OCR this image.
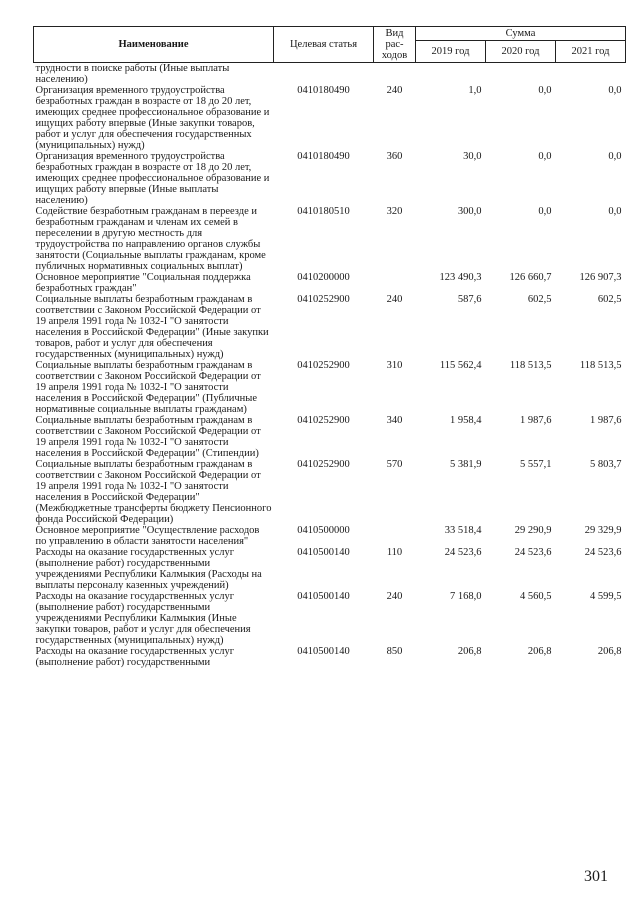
Наименование	Целевая статья	Вид
рас-
ходов	Сумма		
			2019 год	2020 год	2021 год
трудности в поиске работы (Иные выплаты населению)					
Организация временного трудоустройства безработных граждан в возрасте от 18 до 20 лет, имеющих среднее профессиональное образование и ищущих работу впервые (Иные закупки товаров, работ и услуг для обеспечения государственных (муниципальных) нужд)	0410180490	240	1,0	0,0	0,0
Организация временного трудоустройства безработных граждан в возрасте от 18 до 20 лет, имеющих среднее профессиональное образование и ищущих работу впервые (Иные выплаты населению)	0410180490	360	30,0	0,0	0,0
Содействие безработным гражданам в переезде и безработным гражданам и членам их семей в переселении в другую местность для трудоустройства по направлению органов службы занятости (Социальные выплаты гражданам, кроме публичных нормативных социальных выплат)	0410180510	320	300,0	0,0	0,0
Основное мероприятие "Социальная поддержка безработных граждан"	0410200000		123 490,3	126 660,7	126 907,3
Социальные выплаты безработным гражданам в соответствии с Законом Российской Федерации от 19 апреля 1991 года № 1032-I "О занятости населения в Российской Федерации" (Иные закупки товаров, работ и услуг для обеспечения государственных (муниципальных) нужд)	0410252900	240	587,6	602,5	602,5
Социальные выплаты безработным гражданам в соответствии с Законом Российской Федерации от 19 апреля 1991 года № 1032-I "О занятости населения в Российской Федерации" (Публичные нормативные социальные выплаты гражданам)	0410252900	310	115 562,4	118 513,5	118 513,5
Социальные выплаты безработным гражданам в соответствии с Законом Российской Федерации от 19 апреля 1991 года № 1032-I "О занятости населения в Российской Федерации" (Стипендии)	0410252900	340	1 958,4	1 987,6	1 987,6
Социальные выплаты безработным гражданам в соответствии с Законом Российской Федерации от 19 апреля 1991 года № 1032-I "О занятости населения в Российской Федерации" (Межбюджетные трансферты бюджету Пенсионного фонда Российской Федерации)	0410252900	570	5 381,9	5 557,1	5 803,7
Основное мероприятие "Осуществление расходов по управлению в области занятости населения"	0410500000		33 518,4	29 290,9	29 329,9
Расходы на оказание государственных услуг (выполнение работ) государственными учреждениями Республики Калмыкия (Расходы на выплаты персоналу казенных учреждений)	0410500140	110	24 523,6	24 523,6	24 523,6
Расходы на оказание государственных услуг (выполнение работ) государственными учреждениями Республики Калмыкия (Иные закупки товаров, работ и услуг для обеспечения государственных (муниципальных) нужд)	0410500140	240	7 168,0	4 560,5	4 599,5
Расходы на оказание государственных услуг (выполнение работ) государственными	0410500140	850	206,8	206,8	206,8
301
